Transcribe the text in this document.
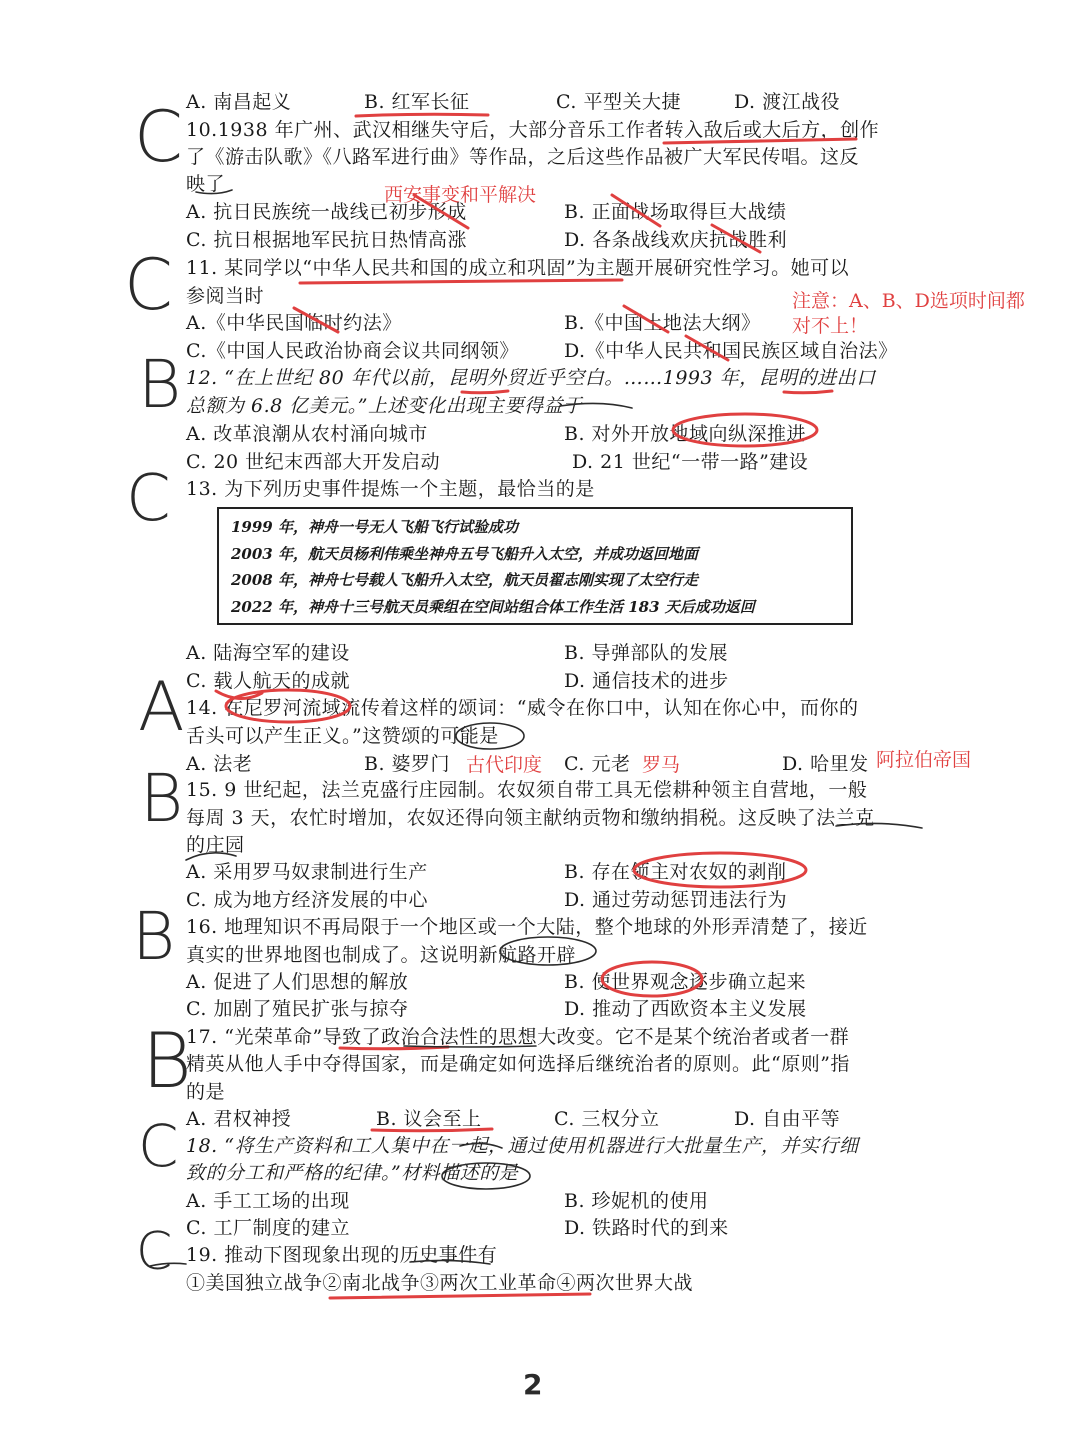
A. 南昌起义	B. 红军长征	C. 平型关大捷	D. 渡江战役
C 10.1938 年广州、武汉相继失守后，大部分音乐工作者转入敌后或大后方，创作
了《游击队歌》《八路军进行曲》等作品，之后这些作品被广大军民传唱。这反
映了	西安事变和平解决
A. 抗日民族统一战线已初步形成	B. 正面战场取得巨大战绩
C. 抗日根据地军民抗日热情高涨	D. 各条战线欢庆抗战胜利
C 11. 某同学以“中华人民共和国的成立和巩固”为主题开展研究性学习。她可以
参阅当时	注意：A、B、D选项时间都
对不上！
A.《中华民国临时约法》	B.《中国土地法大纲》
C.《中国人民政治协商会议共同纲领》 D.《中华人民共和国民族区域自治法》
B 12. “在上世纪 80 年代以前，昆明外贸近乎空白。……1993 年，昆明的进出口
总额为 6.8 亿美元。”上述变化出现主要得益于
A. 改革浪潮从农村涌向城市	B. 对外开放地域向纵深推进
C. 20 世纪末西部大开发启动	D. 21 世纪“一带一路”建设
C 13. 为下列历史事件提炼一个主题，最恰当的是
1999 年，神舟一号无人飞船飞行试验成功
2003 年，航天员杨利伟乘坐神舟五号飞船升入太空，并成功返回地面
2008 年，神舟七号载人飞船升入太空，航天员翟志刚实现了太空行走
2022 年，神舟十三号航天员乘组在空间站组合体工作生活 183 天后成功返回
A. 陆海空军的建设	B. 导弹部队的发展
C. 载人航天的成就	D. 通信技术的进步
A 14. 在尼罗河流域流传着这样的颂词：“威令在你口中，认知在你心中，而你的
舌头可以产生正义。”这赞颂的可能是
A. 法老	B. 婆罗门 古代印度 C. 元老 罗马	D. 哈里发 阿拉伯帝国
B 15. 9 世纪起，法兰克盛行庄园制。农奴须自带工具无偿耕种领主自营地，一般
每周 3 天，农忙时增加，农奴还得向领主献纳贡物和缴纳捐税。这反映了法兰克
的庄园
A. 采用罗马奴隶制进行生产	B. 存在领主对农奴的剥削
C. 成为地方经济发展的中心	D. 通过劳动惩罚违法行为
B 16. 地理知识不再局限于一个地区或一个大陆，整个地球的外形弄清楚了，接近
真实的世界地图也制成了。这说明新航路开辟
A. 促进了人们思想的解放	B. 使世界观念逐步确立起来
C. 加剧了殖民扩张与掠夺	D. 推动了西欧资本主义发展
B
17. “光荣革命”导致了政治合法性的思想大改变。它不是某个统治者或者一群
精英从他人手中夺得国家，而是确定如何选择后继统治者的原则。此“原则”指
的是
A. 君权神授	B. 议会至上	C. 三权分立	D. 自由平等
C 18. “将生产资料和工人集中在一起，通过使用机器进行大批量生产，并实行细
致的分工和严格的纪律。”材料描述的是
A. 手工工场的出现	B. 珍妮机的使用
C. 工厂制度的建立	D. 铁路时代的到来
C 19. 推动下图现象出现的历史事件有
①美国独立战争②南北战争③两次工业革命④两次世界大战
2
